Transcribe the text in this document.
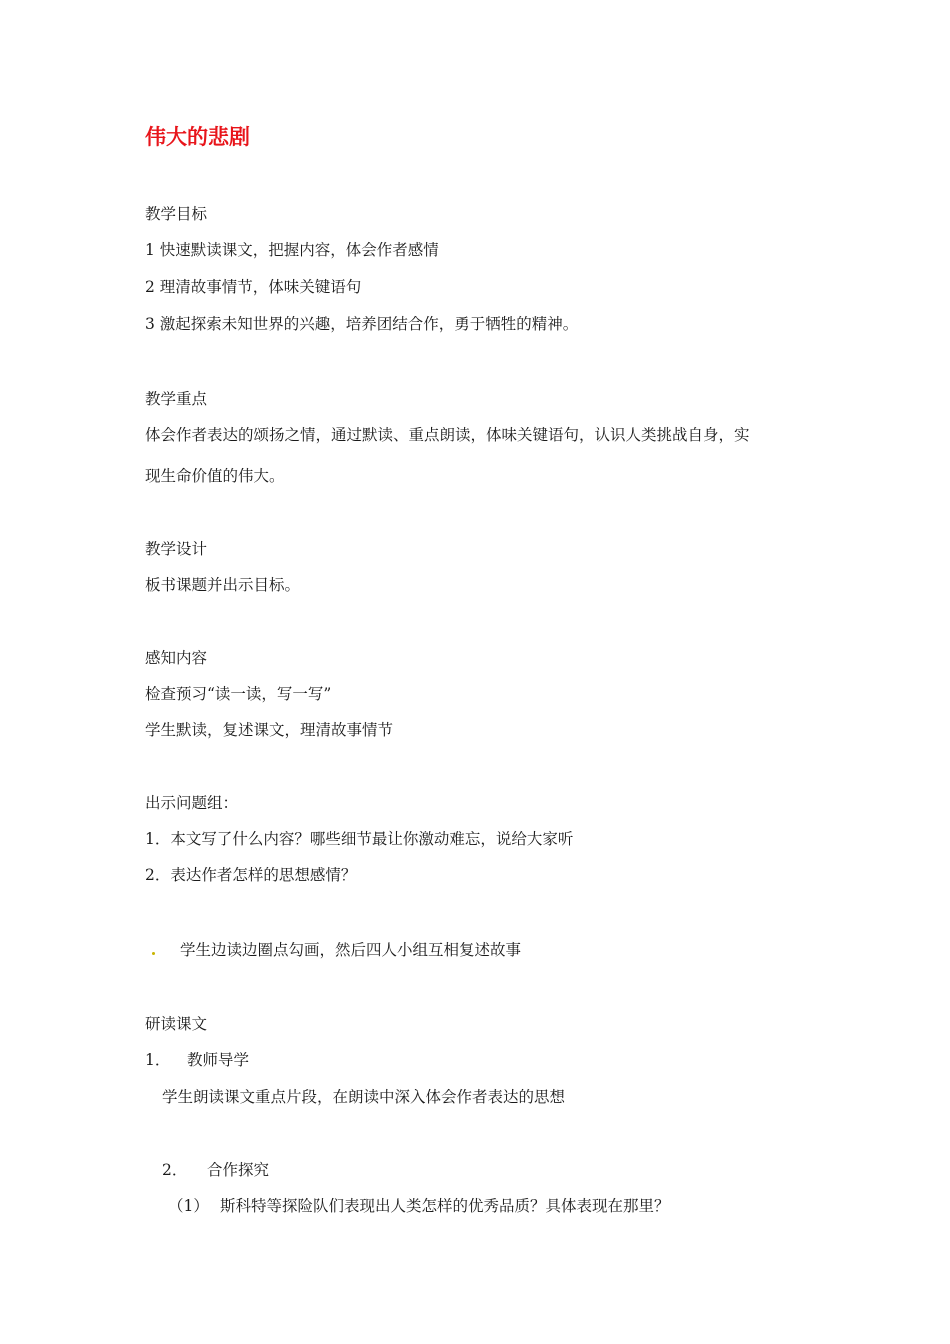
伟大的悲剧
教学目标
1 快速默读课文，把握内容，体会作者感情
2 理清故事情节，体味关键语句
3 激起探索未知世界的兴趣，培养团结合作，勇于牺牲的精神。
教学重点
体会作者表达的颂扬之情，通过默读、重点朗读，体味关键语句，认识人类挑战自身，实
现生命价值的伟大。
教学设计
板书课题并出示目标。
感知内容
检查预习“读一读，写一写”
学生默读，复述课文，理清故事情节
出示问题组：
1．本文写了什么内容？哪些细节最让你激动难忘，说给大家听
2．表达作者怎样的思想感情？
学生边读边圈点勾画，然后四人小组互相复述故事
研读课文
1． 教师导学
学生朗读课文重点片段，在朗读中深入体会作者表达的思想
2． 合作探究
（1） 斯科特等探险队们表现出人类怎样的优秀品质？具体表现在那里？
